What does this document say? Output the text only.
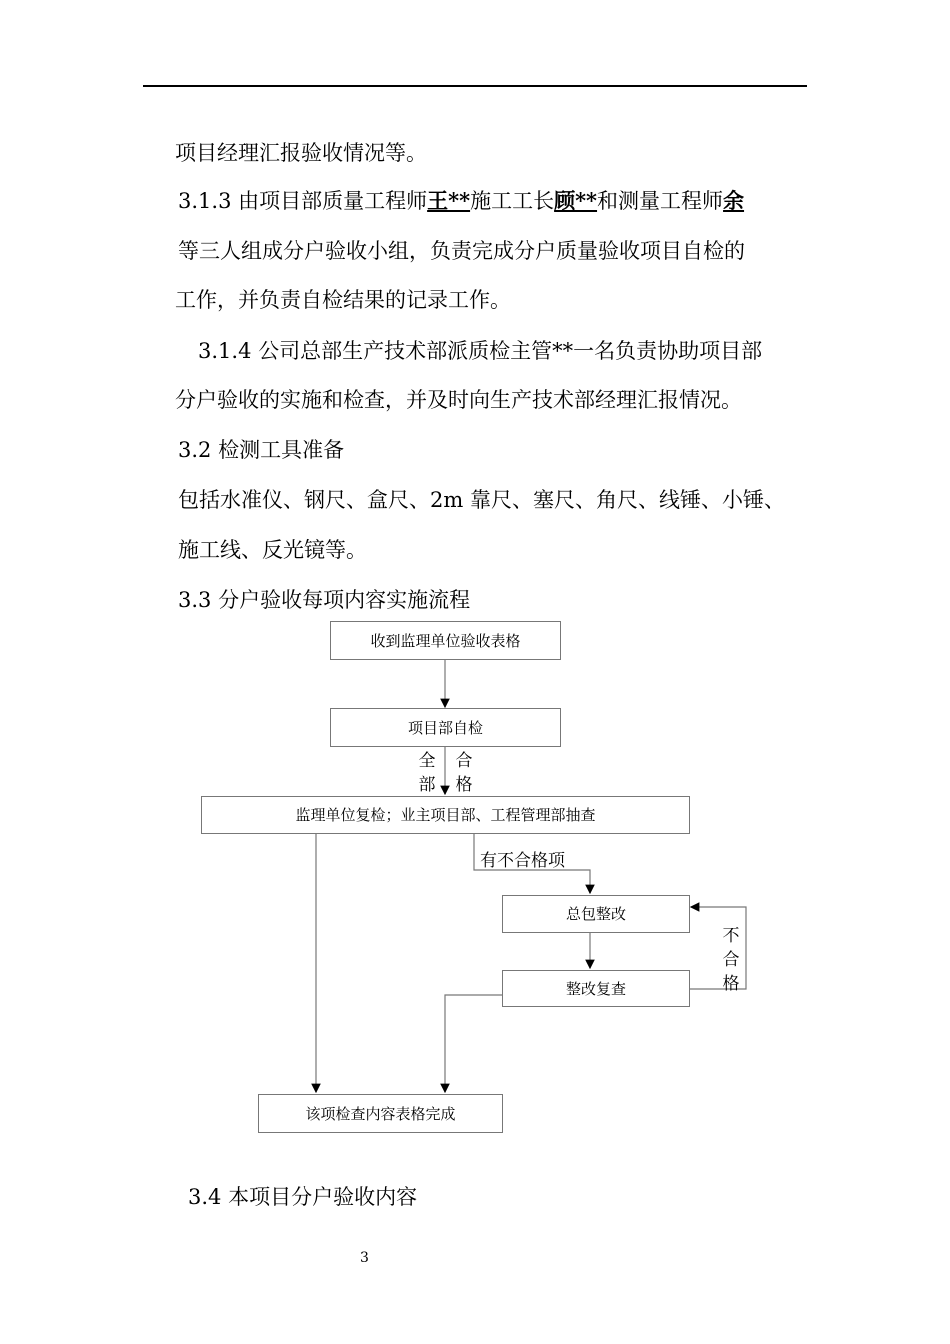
项目经理汇报验收情况等。
3.1.3 由项目部质量工程师王**施工工长顾**和测量工程师余
等三人组成分户验收小组，负责完成分户质量验收项目自检的
工作，并负责自检结果的记录工作。
3.1.4 公司总部生产技术部派质检主管**一名负责协助项目部
分户验收的实施和检查，并及时向生产技术部经理汇报情况。
3.2 检测工具准备
包括水准仪、钢尺、盒尺、2m 靠尺、塞尺、角尺、线锤、小锤、
施工线、反光镜等。
3.3 分户验收每项内容实施流程
收到监理单位验收表格
项目部自检
全
部
合
格
监理单位复检；业主项目部、工程管理部抽查
有不合格项
总包整改
整改复查
不
合
格
该项检查内容表格完成
3.4 本项目分户验收内容
3
